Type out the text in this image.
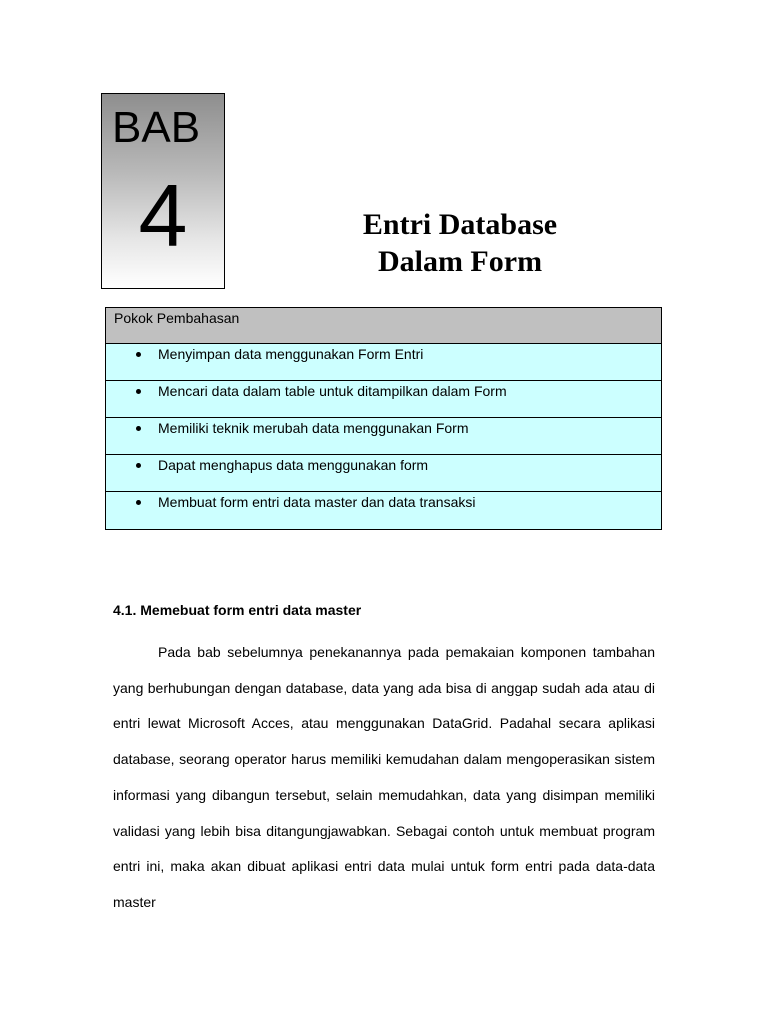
BAB
4	Entri Database
Dalam Form
Pokok Pembahasan
Menyimpan data menggunakan Form Entri
Mencari data dalam table untuk ditampilkan dalam Form
Memiliki teknik merubah data menggunakan Form
Dapat menghapus data menggunakan form
Membuat form entri data master dan data transaksi
4.1. Memebuat form entri data master

Pada bab sebelumnya penekanannya pada pemakaian komponen tambahan yang berhubungan dengan database, data yang ada bisa di anggap sudah ada atau di entri lewat Microsoft Acces, atau menggunakan DataGrid. Padahal secara aplikasi database, seorang operator harus memiliki kemudahan dalam mengoperasikan sistem informasi yang dibangun tersebut, selain memudahkan, data yang disimpan memiliki validasi yang lebih bisa ditangungjawabkan. Sebagai contoh untuk membuat program entri ini, maka akan dibuat aplikasi entri data mulai untuk form entri pada data-data master
